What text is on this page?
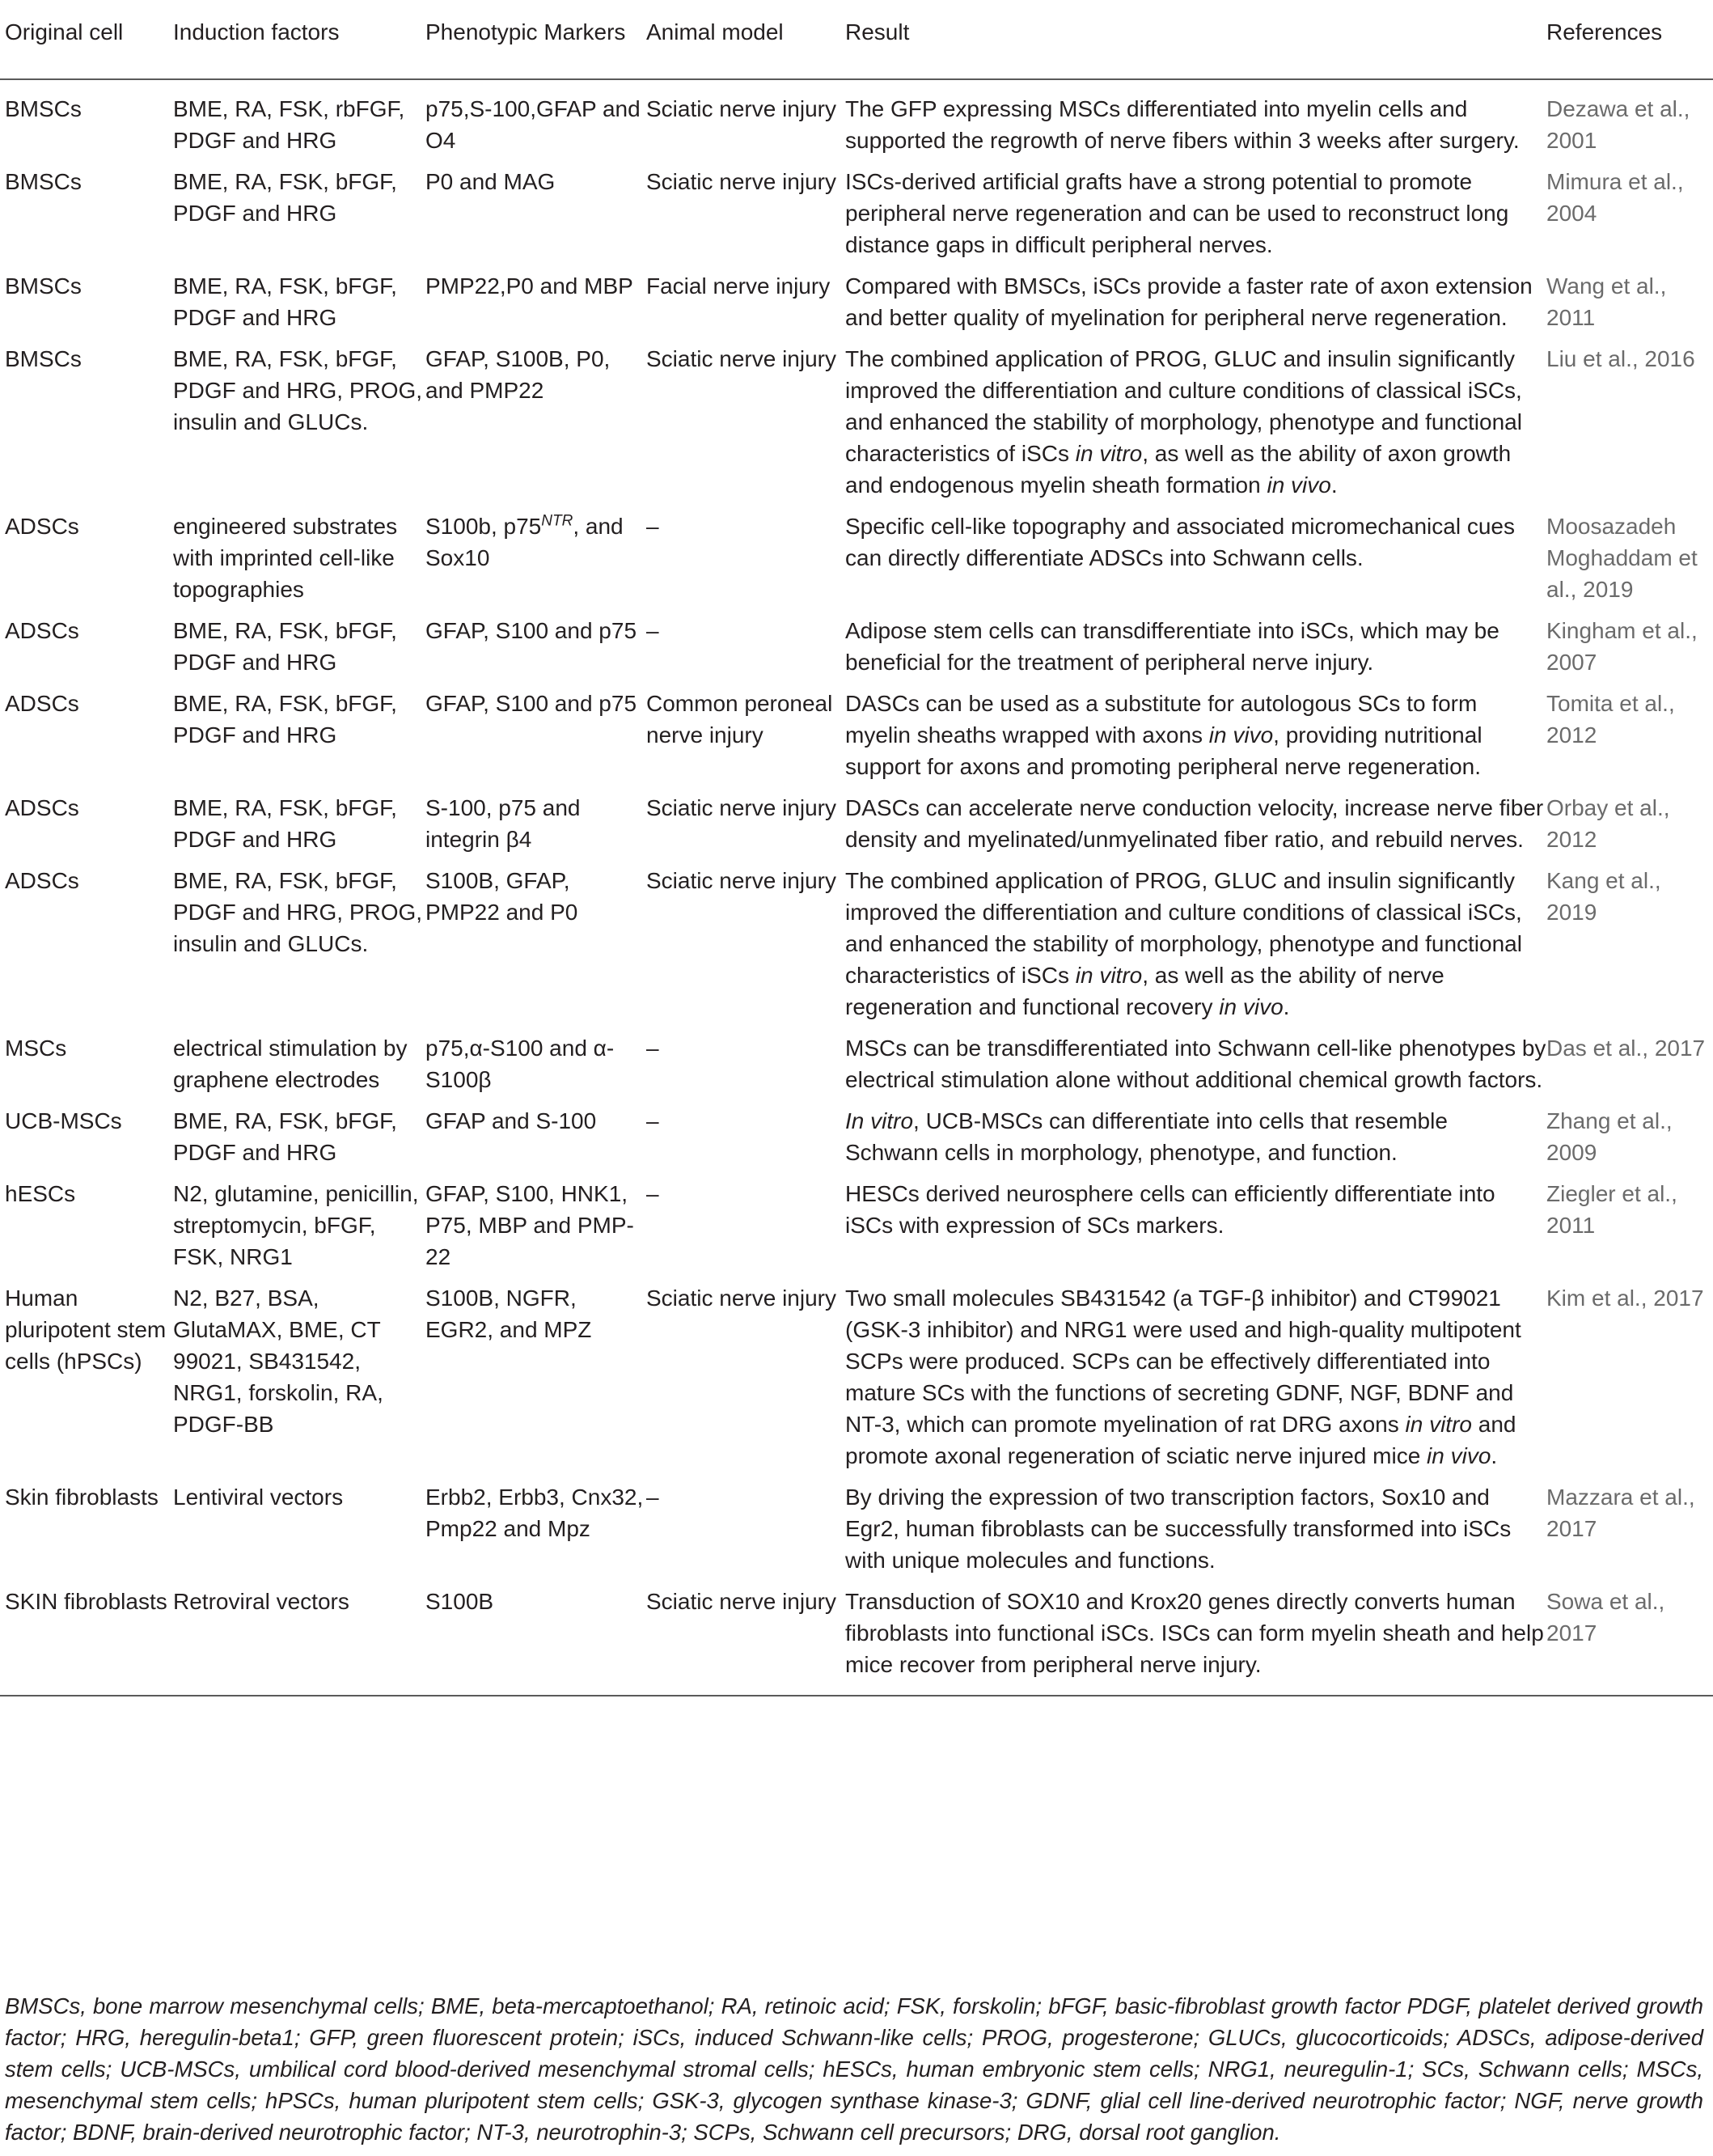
Original cell	Induction factors	Phenotypic Markers	Animal model	Result	References
BMSCs	BME, RA, FSK, rbFGF, PDGF and HRG	p75,S-100,GFAP and O4	Sciatic nerve injury	The GFP expressing MSCs differentiated into myelin cells and supported the regrowth of nerve fibers within 3 weeks after surgery.	Dezawa et al., 2001
BMSCs	BME, RA, FSK, bFGF, PDGF and HRG	P0 and MAG	Sciatic nerve injury	ISCs-derived artificial grafts have a strong potential to promote peripheral nerve regeneration and can be used to reconstruct long distance gaps in difficult peripheral nerves.	Mimura et al., 2004
BMSCs	BME, RA, FSK, bFGF, PDGF and HRG	PMP22,P0 and MBP	Facial nerve injury	Compared with BMSCs, iSCs provide a faster rate of axon extension and better quality of myelination for peripheral nerve regeneration.	Wang et al., 2011
BMSCs	BME, RA, FSK, bFGF, PDGF and HRG, PROG, insulin and GLUCs.	GFAP, S100B, P0, and PMP22	Sciatic nerve injury	The combined application of PROG, GLUC and insulin significantly improved the differentiation and culture conditions of classical iSCs, and enhanced the stability of morphology, phenotype and functional characteristics of iSCs in vitro, as well as the ability of axon growth and endogenous myelin sheath formation in vivo.	Liu et al., 2016
ADSCs	engineered substrates with imprinted cell-like topographies	S100b, $p75^{NTR}$, and Sox10	–	Specific cell-like topography and associated micromechanical cues can directly differentiate ADSCs into Schwann cells.	Moosazadeh Moghaddam et al., 2019
ADSCs	BME, RA, FSK, bFGF, PDGF and HRG	GFAP, S100 and p75	–	Adipose stem cells can transdifferentiate into iSCs, which may be beneficial for the treatment of peripheral nerve injury.	Kingham et al., 2007
ADSCs	BME, RA, FSK, bFGF, PDGF and HRG	GFAP, S100 and p75	Common peroneal nerve injury	DASCs can be used as a substitute for autologous SCs to form myelin sheaths wrapped with axons in vivo, providing nutritional support for axons and promoting peripheral nerve regeneration.	Tomita et al., 2012
ADSCs	BME, RA, FSK, bFGF, PDGF and HRG	S-100, p75 and integrin β4	Sciatic nerve injury	DASCs can accelerate nerve conduction velocity, increase nerve fiber density and myelinated/unmyelinated fiber ratio, and rebuild nerves.	Orbay et al., 2012
ADSCs	BME, RA, FSK, bFGF, PDGF and HRG, PROG, insulin and GLUCs.	S100B, GFAP, PMP22 and P0	Sciatic nerve injury	The combined application of PROG, GLUC and insulin significantly improved the differentiation and culture conditions of classical iSCs, and enhanced the stability of morphology, phenotype and functional characteristics of iSCs in vitro, as well as the ability of nerve regeneration and functional recovery in vivo.	Kang et al., 2019
MSCs	electrical stimulation by graphene electrodes	p75,α-S100 and α-S100β	–	MSCs can be transdifferentiated into Schwann cell-like phenotypes by electrical stimulation alone without additional chemical growth factors.	Das et al., 2017
UCB-MSCs	BME, RA, FSK, bFGF, PDGF and HRG	GFAP and S-100	–	In vitro, UCB-MSCs can differentiate into cells that resemble Schwann cells in morphology, phenotype, and function.	Zhang et al., 2009
hESCs	N2, glutamine, penicillin, streptomycin, bFGF, FSK, NRG1	GFAP, S100, HNK1, P75, MBP and PMP-22	–	HESCs derived neurosphere cells can efficiently differentiate into iSCs with expression of SCs markers.	Ziegler et al., 2011
Human pluripotent stem cells (hPSCs)	N2, B27, BSA, GlutaMAX, BME, CT 99021, SB431542, NRG1, forskolin, RA, PDGF-BB	S100B, NGFR, EGR2, and MPZ	Sciatic nerve injury	Two small molecules SB431542 (a TGF-β inhibitor) and CT99021 (GSK-3 inhibitor) and NRG1 were used and high-quality multipotent SCPs were produced. SCPs can be effectively differentiated into mature SCs with the functions of secreting GDNF, NGF, BDNF and NT-3, which can promote myelination of rat DRG axons in vitro and promote axonal regeneration of sciatic nerve injured mice in vivo.	Kim et al., 2017
Skin fibroblasts	Lentiviral vectors	Erbb2, Erbb3, Cnx32, Pmp22 and Mpz	–	By driving the expression of two transcription factors, Sox10 and Egr2, human fibroblasts can be successfully transformed into iSCs with unique molecules and functions.	Mazzara et al., 2017
SKIN fibroblasts	Retroviral vectors	S100B	Sciatic nerve injury	Transduction of SOX10 and Krox20 genes directly converts human fibroblasts into functional iSCs. ISCs can form myelin sheath and help mice recover from peripheral nerve injury.	Sowa et al., 2017
BMSCs, bone marrow mesenchymal cells; BME, beta-mercaptoethanol; RA, retinoic acid; FSK, forskolin; bFGF, basic-fibroblast growth factor PDGF, platelet derived growth factor; HRG, heregulin-beta1; GFP, green fluorescent protein; iSCs, induced Schwann-like cells; PROG, progesterone; GLUCs, glucocorticoids; ADSCs, adipose-derived stem cells; UCB-MSCs, umbilical cord blood-derived mesenchymal stromal cells; hESCs, human embryonic stem cells; NRG1, neuregulin-1; SCs, Schwann cells; MSCs, mesenchymal stem cells; hPSCs, human pluripotent stem cells; GSK-3, glycogen synthase kinase-3; GDNF, glial cell line-derived neurotrophic factor; NGF, nerve growth factor; BDNF, brain-derived neurotrophic factor; NT-3, neurotrophin-3; SCPs, Schwann cell precursors; DRG, dorsal root ganglion.
